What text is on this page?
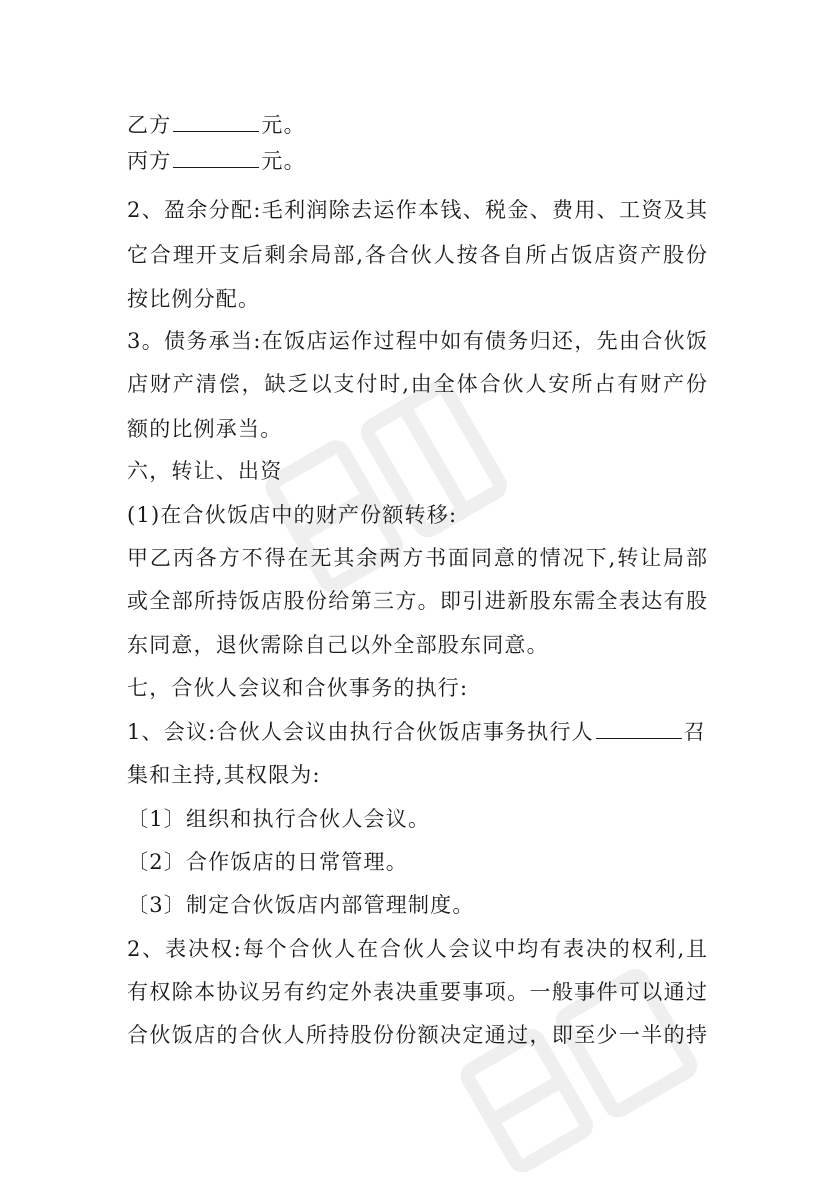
乙方	元。
丙方	元。
2、盈余分配:毛利润除去运作本钱、税金、费用、工资及其
它合理开支后剩余局部,各合伙人按各自所占饭店资产股份
按比例分配。
3。债务承当:在饭店运作过程中如有债务归还，先由合伙饭
店财产清偿，缺乏以支付时,由全体合伙人安所占有财产份
额的比例承当。
六，转让、出资
(1)在合伙饭店中的财产份额转移:
甲乙丙各方不得在无其余两方书面同意的情况下,转让局部
或全部所持饭店股份给第三方。即引进新股东需全表达有股
东同意，退伙需除自己以外全部股东同意。
七，合伙人会议和合伙事务的执行:
1、会议:合伙人会议由执行合伙饭店事务执行人	召
集和主持,其权限为:
〔1〕组织和执行合伙人会议。
〔2〕合作饭店的日常管理。
〔3〕制定合伙饭店内部管理制度。
2、表决权:每个合伙人在合伙人会议中均有表决的权利,且
有权除本协议另有约定外表决重要事项。一般事件可以通过
合伙饭店的合伙人所持股份份额决定通过，即至少一半的持
